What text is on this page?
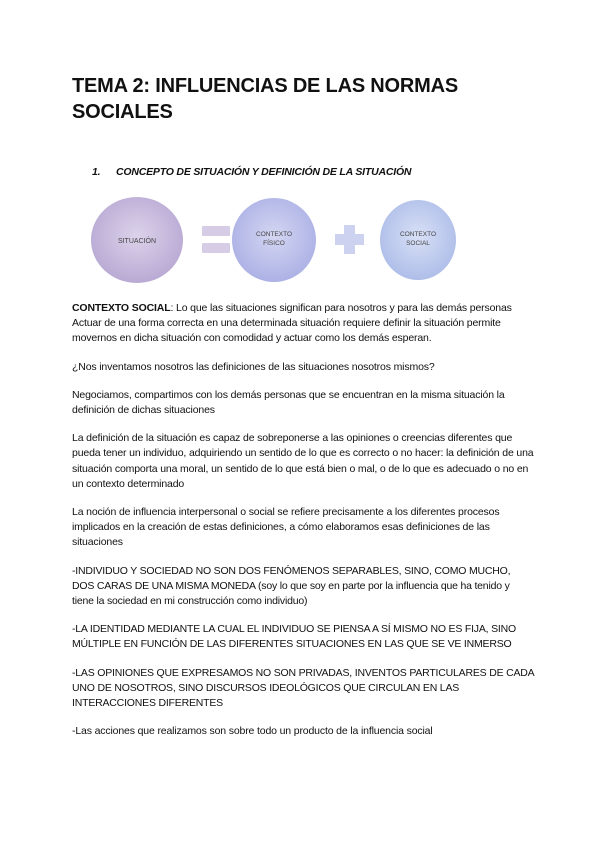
TEMA 2: INFLUENCIAS DE LAS NORMAS SOCIALES
1. CONCEPTO DE SITUACIÓN Y DEFINICIÓN DE LA SITUACIÓN
SITUACIÓN
CONTEXTO
FÍSICO
CONTEXTO
SOCIAL

CONTEXTO SOCIAL: Lo que las situaciones significan para nosotros y para las demás personas
Actuar de una forma correcta en una determinada situación requiere definir la situación permite movernos en dicha situación con comodidad y actuar como los demás esperan.

¿Nos inventamos nosotros las definiciones de las situaciones nosotros mismos?

Negociamos, compartimos con los demás personas que se encuentran en la misma situación la definición de dichas situaciones

La definición de la situación es capaz de sobreponerse a las opiniones o creencias diferentes que pueda tener un individuo, adquiriendo un sentido de lo que es correcto o no hacer: la definición de una situación comporta una moral, un sentido de lo que está bien o mal, o de lo que es adecuado o no en un contexto determinado

La noción de influencia interpersonal o social se refiere precisamente a los diferentes procesos implicados en la creación de estas definiciones, a cómo elaboramos esas definiciones de las situaciones

-INDIVIDUO Y SOCIEDAD NO SON DOS FENÓMENOS SEPARABLES, SINO, COMO MUCHO, DOS CARAS DE UNA MISMA MONEDA (soy lo que soy en parte por la influencia que ha tenido y tiene la sociedad en mi construcción como individuo)

-LA IDENTIDAD MEDIANTE LA CUAL EL INDIVIDUO SE PIENSA A SÍ MISMO NO ES FIJA, SINO MÚLTIPLE EN FUNCIÓN DE LAS DIFERENTES SITUACIONES EN LAS QUE SE VE INMERSO

-LAS OPINIONES QUE EXPRESAMOS NO SON PRIVADAS, INVENTOS PARTICULARES DE CADA UNO DE NOSOTROS, SINO DISCURSOS IDEOLÓGICOS QUE CIRCULAN EN LAS INTERACCIONES DIFERENTES

-Las acciones que realizamos son sobre todo un producto de la influencia social
